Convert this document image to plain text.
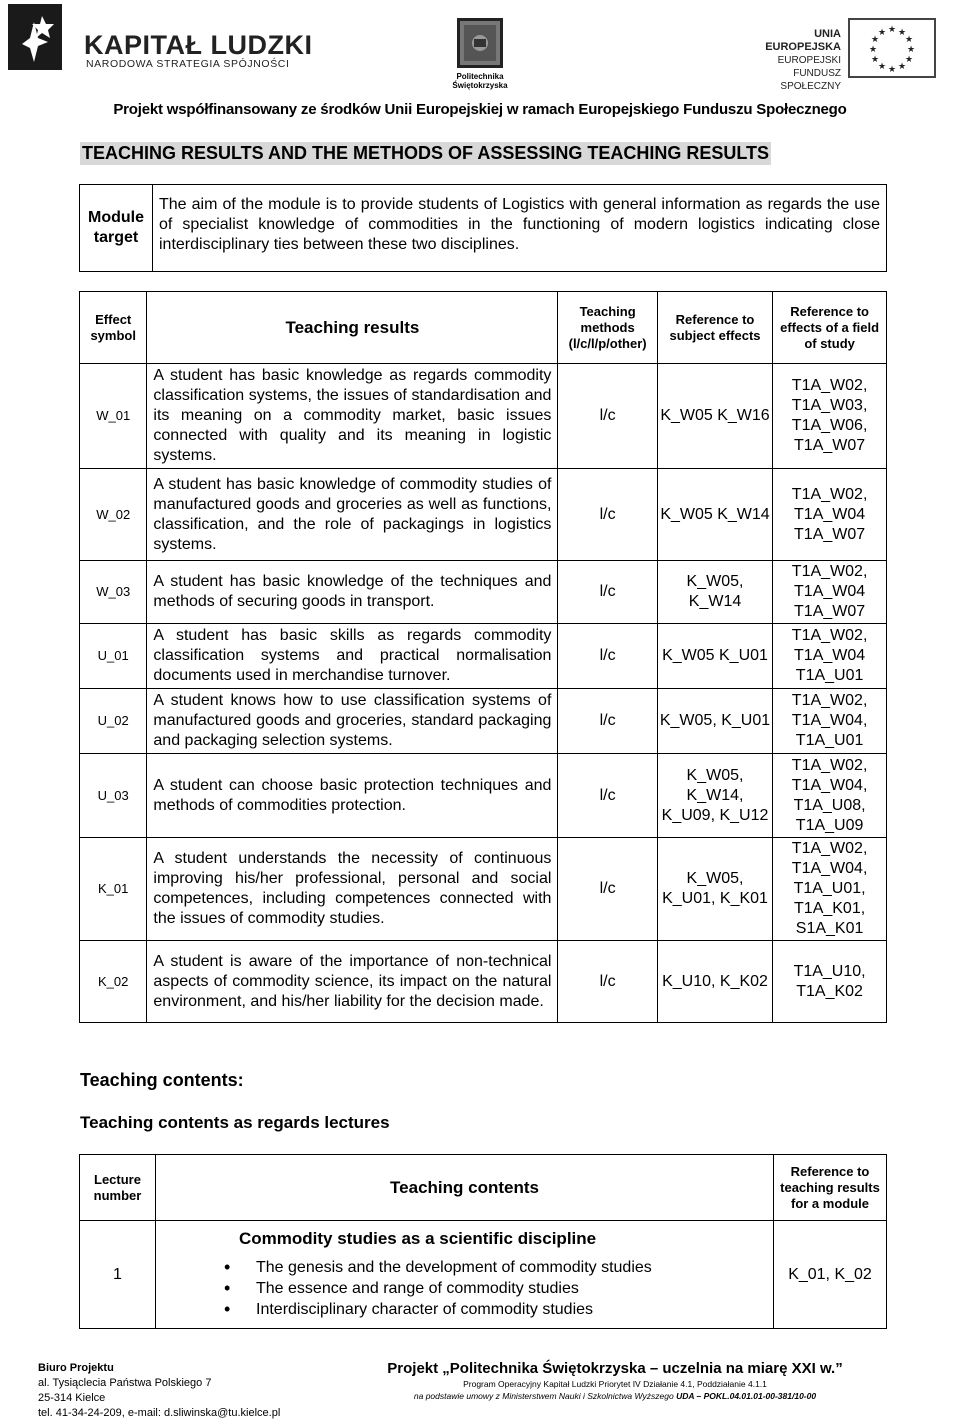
KAPITAŁ LUDZKI
NARODOWA STRATEGIA SPÓJNOŚCI
Politechnika Świętokrzyska
UNIA EUROPEJSKA
EUROPEJSKI
FUNDUSZ SPOŁECZNY
★ ★
★
★
★
★
★
★
★
★
★
★
Projekt współfinansowany ze środków Unii Europejskiej w ramach Europejskiego Funduszu Społecznego
TEACHING RESULTS AND THE METHODS OF ASSESSING TEACHING RESULTS
Module target	The aim of the module is to provide students of Logistics with general information as regards the use of specialist knowledge of commodities in the functioning of modern logistics indicating close interdisciplinary ties between these two disciplines.
Effect symbol	Teaching results	Teaching methods (l/c/l/p/other)	Reference to subject effects	Reference to effects of a field of study
W_01	A student has basic knowledge as regards commodity classification systems, the issues of standardisation and its meaning on a commodity market, basic issues connected with quality and its meaning in logistic systems.	l/c	K_W05 K_W16	T1A_W02, T1A_W03, T1A_W06, T1A_W07
W_02	A student has basic knowledge of commodity studies of manufactured goods and groceries as well as functions, classification, and the role of packagings in logistics systems.	l/c	K_W05 K_W14	T1A_W02, T1A_W04 T1A_W07
W_03	A student has basic knowledge of the techniques and methods of securing goods in transport.	l/c	K_W05, K_W14	T1A_W02, T1A_W04 T1A_W07
U_01	A student has basic skills as regards commodity classification systems and practical normalisation documents used in merchandise turnover.	l/c	K_W05 K_U01	T1A_W02, T1A_W04 T1A_U01
U_02	A student knows how to use classification systems of manufactured goods and groceries, standard packaging and packaging selection systems.	l/c	K_W05, K_U01	T1A_W02, T1A_W04, T1A_U01
U_03	A student can choose basic protection techniques and methods of commodities protection.	l/c	K_W05, K_W14, K_U09, K_U12	T1A_W02, T1A_W04, T1A_U08, T1A_U09
K_01	A student understands the necessity of continuous improving his/her professional, personal and social competences, including competences connected with the issues of commodity studies.	l/c	K_W05, K_U01, K_K01	T1A_W02, T1A_W04, T1A_U01, T1A_K01, S1A_K01
K_02	A student is aware of the importance of non-technical aspects of commodity science, its impact on the natural environment, and his/her liability for the decision made.	l/c	K_U10, K_K02	T1A_U10, T1A_K02
Teaching contents:
Teaching contents as regards lectures
Lecture number	Teaching contents	Reference to teaching results for a module
1	Commodity studies as a scientific discipline	K_01, K_02

	• The genesis and the development of commodity studies
• The essence and range of commodity studies
• Interdisciplinary character of commodity studies
Biuro Projektu
al. Tysiąclecia Państwa Polskiego 7
25-314 Kielce
tel. 41-34-24-209, e-mail: d.sliwinska@tu.kielce.pl
Projekt „Politechnika Świętokrzyska – uczelnia na miarę XXI w.”
Program Operacyjny Kapitał Ludzki Priorytet IV Działanie 4.1, Poddziałanie 4.1.1
na podstawie umowy z Ministerstwem Nauki i Szkolnictwa Wyższego UDA – POKL.04.01.01-00-381/10-00
